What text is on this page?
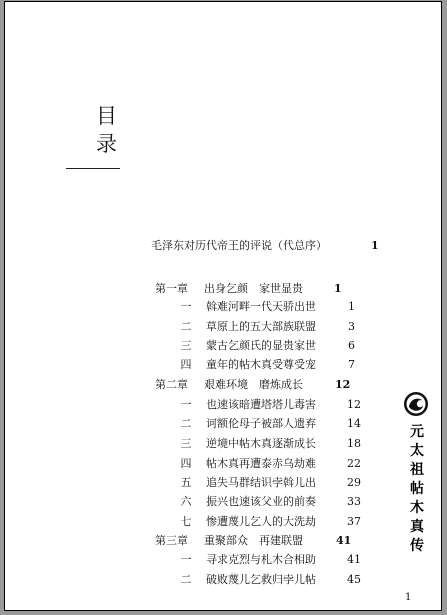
目
录
毛泽东对历代帝王的评说（代总序）	1
第一章 出身乞颜　家世显贵	1
一 斡难河畔一代天骄出世	1
二 草原上的五大部族联盟	3
三 蒙古乞颜氏的显贵家世	6
四 童年的帖木真受尊受宠	7
第二章 艰难环境　磨炼成长	12
一 也速该暗遭塔塔儿毒害	12
二 诃额伦母子被部人遗弃	14
三 逆境中帖木真逐渐成长	18
四 帖木真再遭泰赤乌劫难	22
五 追失马群结识孛斡儿出	29
六 振兴也速该父业的前奏	33
七 惨遭蔑儿乞人的大洗劫	37
第三章 重聚部众　再建联盟	41
一 寻求克烈与札木合相助	41
二 破败蔑儿乞救归孛儿帖	45
元
太
祖
帖
木
真
传
1
